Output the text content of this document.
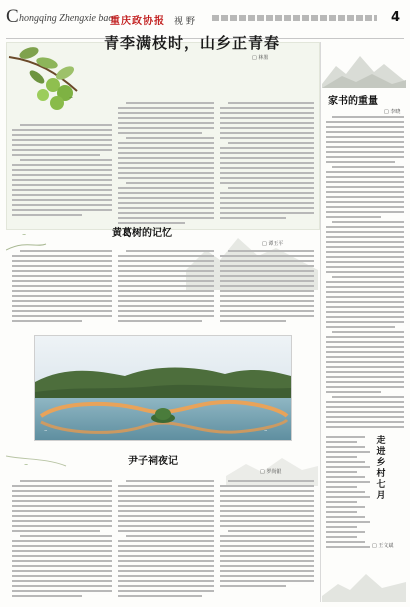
C hongqing Zhengxie bao
重庆政协报 视野	4
~
青李满枝时，山乡正青春
□ 林墨
家书的重量
□ 李晓
~	黄葛树的记忆
□ 谭玉平
~	~
~	尹子祠夜记
□ 罗尚银
走进乡村七月
□ 王文斌
